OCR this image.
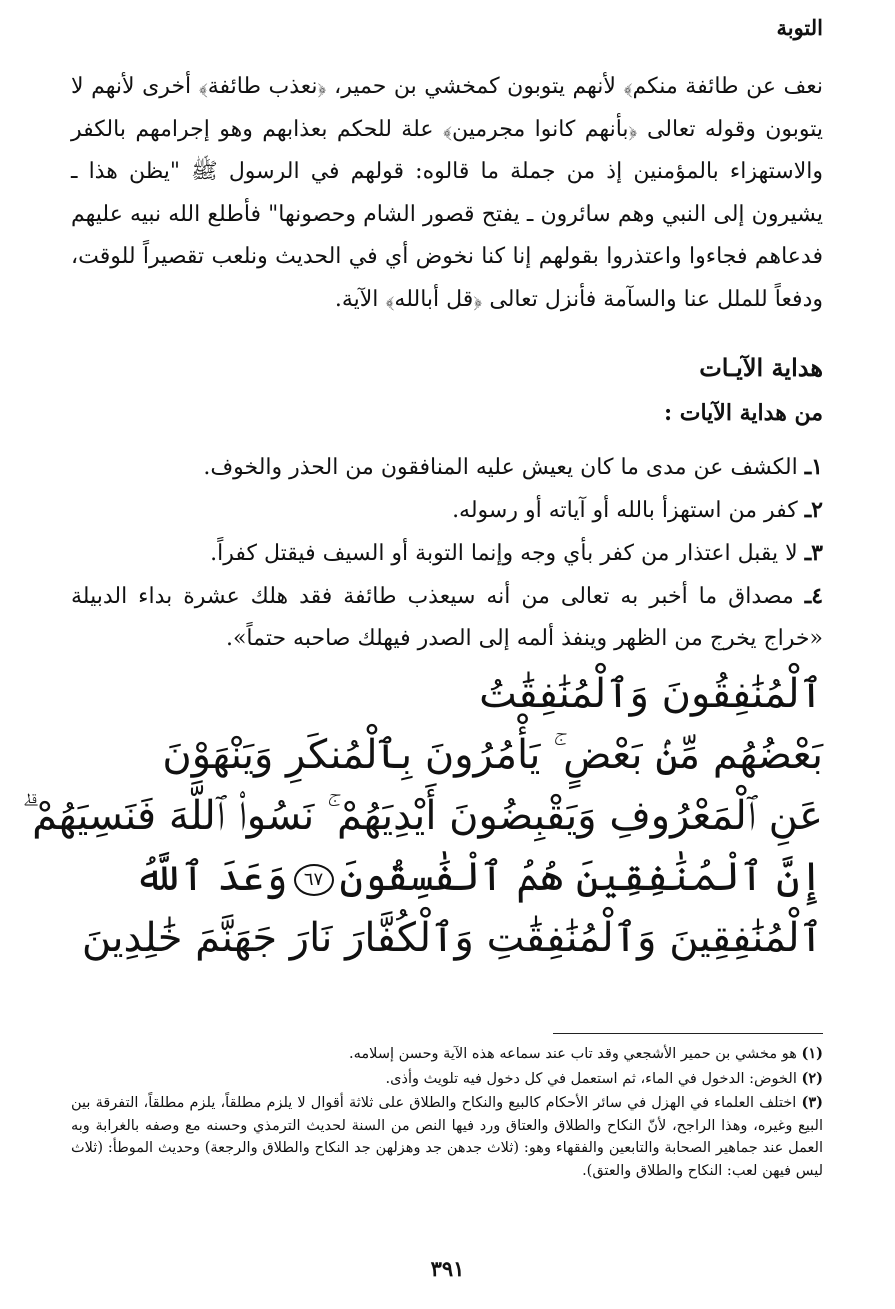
التوبة

نعف عن طائفة منكم﴾ لأنهم يتوبون كمخشي بن حمير، ﴿نعذب طائفة﴾ أخرى لأنهم لا يتوبون وقوله تعالى ﴿بأنهم كانوا مجرمين﴾ علة للحكم بعذابهم وهو إجرامهم بالكفر والاستهزاء بالمؤمنين إذ من جملة ما قالوه: قولهم في الرسول ﷺ "يظن هذا ـ يشيرون إلى النبي وهم سائرون ـ يفتح قصور الشام وحصونها" فأطلع الله نبيه عليهم فدعاهم فجاءوا واعتذروا بقولهم إنا كنا نخوض أي في الحديث ونلعب تقصيراً للوقت، ودفعاً للملل عنا والسآمة فأنزل تعالى ﴿قل أبالله﴾ الآية.

هداية الآيـات
من هداية الآيات :
١ـ الكشف عن مدى ما كان يعيش عليه المنافقون من الحذر والخوف.
٢ـ كفر من استهزأ بالله أو آياته أو رسوله.
٣ـ لا يقبل اعتذار من كفر بأي وجه وإنما التوبة أو السيف فيقتل كفراً.
٤ـ مصداق ما أخبر به تعالى من أنه سيعذب طائفة فقد هلك عشرة بداء الدبيلة «خراج يخرج من الظهر وينفذ ألمه إلى الصدر فيهلك صاحبه حتماً».
ٱلْمُنَٰفِقُونَ وَٱلْمُنَٰفِقَٰتُ
بَعْضُهُم مِّنۢ بَعْضٍ ۚ يَأْمُرُونَ بِٱلْمُنكَرِ وَيَنْهَوْنَ
عَنِ ٱلْمَعْرُوفِ وَيَقْبِضُونَ أَيْدِيَهُمْ ۚ نَسُوا۟ ٱللَّهَ فَنَسِيَهُمْ ۗ
إِنَّ ٱلْمُنَٰفِقِينَ هُمُ ٱلْفَٰسِقُونَ٦٧وَعَدَ ٱللَّهُ
ٱلْمُنَٰفِقِينَ وَٱلْمُنَٰفِقَٰتِ وَٱلْكُفَّارَ نَارَ جَهَنَّمَ خَٰلِدِينَ

(١) هو مخشي بن حمير الأشجعي وقد تاب عند سماعه هذه الآية وحسن إسلامه.

(٢) الخوض: الدخول في الماء، ثم استعمل في كل دخول فيه تلويث وأذى.

(٣) اختلف العلماء في الهزل في سائر الأحكام كالبيع والنكاح والطلاق على ثلاثة أقوال لا يلزم مطلقاً، يلزم مطلقاً، التفرقة بين البيع وغيره، وهذا الراجح، لأنّ النكاح والطلاق والعتاق ورد فيها النص من السنة لحديث الترمذي وحسنه مع وصفه بالغرابة وبه العمل عند جماهير الصحابة والتابعين والفقهاء وهو: (ثلاث جدهن جد وهزلهن جد النكاح والطلاق والرجعة) وحديث الموطأ: (ثلاث ليس فيهن لعب: النكاح والطلاق والعتق).

٣٩١
